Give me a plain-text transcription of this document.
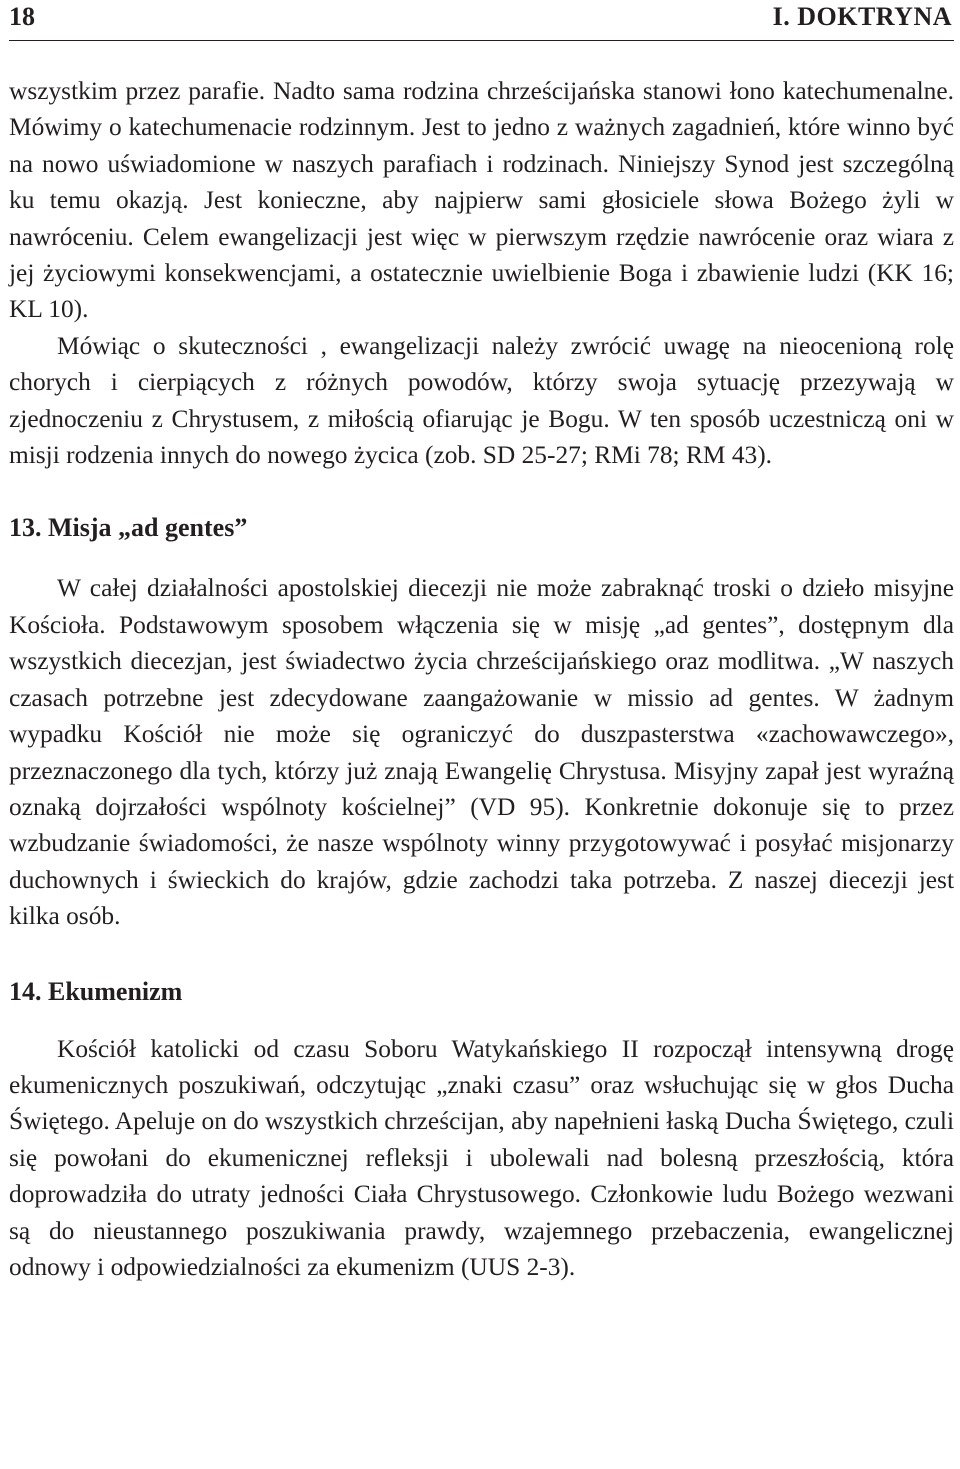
18	I. DOKTRYNA

wszystkim przez parafie. Nadto sama rodzina chrześcijańska stanowi łono katechumenalne. Mówimy o katechumenacie rodzinnym. Jest to jedno z ważnych zagadnień, które winno być na nowo uświadomione w naszych parafiach i rodzinach. Niniejszy Synod jest szczególną ku temu okazją. Jest konieczne, aby najpierw sami głosiciele słowa Bożego żyli w nawróceniu. Celem ewangelizacji jest więc w pierwszym rzędzie nawrócenie oraz wiara z jej życiowymi konsekwencjami, a ostatecznie uwielbienie Boga i zbawienie ludzi (KK 16; KL 10).

Mówiąc o skuteczności , ewangelizacji należy zwrócić uwagę na nieocenioną rolę chorych i cierpiących z różnych powodów, którzy swoja sytuację przezywają w zjednoczeniu z Chrystusem, z miłością ofiarując je Bogu. W ten sposób uczestniczą oni w misji rodzenia innych do nowego życica (zob. SD 25-27; RMi 78; RM 43).

13. Misja „ad gentes”

W całej działalności apostolskiej diecezji nie może zabraknąć troski o dzieło misyjne Kościoła. Podstawowym sposobem włączenia się w misję „ad gentes”, dostępnym dla wszystkich diecezjan, jest świadectwo życia chrześcijańskiego oraz modlitwa. „W naszych czasach potrzebne jest zdecydowane zaangażowanie w missio ad gentes. W żadnym wypadku Kościół nie może się ograniczyć do duszpasterstwa «zachowawczego», przeznaczonego dla tych, którzy już znają Ewangelię Chrystusa. Misyjny zapał jest wyraźną oznaką dojrzałości wspólnoty kościelnej” (VD 95). Konkretnie dokonuje się to przez wzbudzanie świadomości, że nasze wspólnoty winny przygotowywać i posyłać misjonarzy duchownych i świeckich do krajów, gdzie zachodzi taka potrzeba. Z naszej diecezji jest kilka osób.

14. Ekumenizm

Kościół katolicki od czasu Soboru Watykańskiego II rozpoczął intensywną drogę ekumenicznych poszukiwań, odczytując „znaki czasu” oraz wsłuchując się w głos Ducha Świętego. Apeluje on do wszystkich chrześcijan, aby napełnieni łaską Ducha Świętego, czuli się powołani do ekumenicznej refleksji i ubolewali nad bolesną przeszłością, która doprowadziła do utraty jedności Ciała Chrystusowego. Członkowie ludu Bożego wezwani są do nieustannego poszukiwania prawdy, wzajemnego przebaczenia, ewangelicznej odnowy i odpowiedzialności za ekumenizm (UUS 2-3).
